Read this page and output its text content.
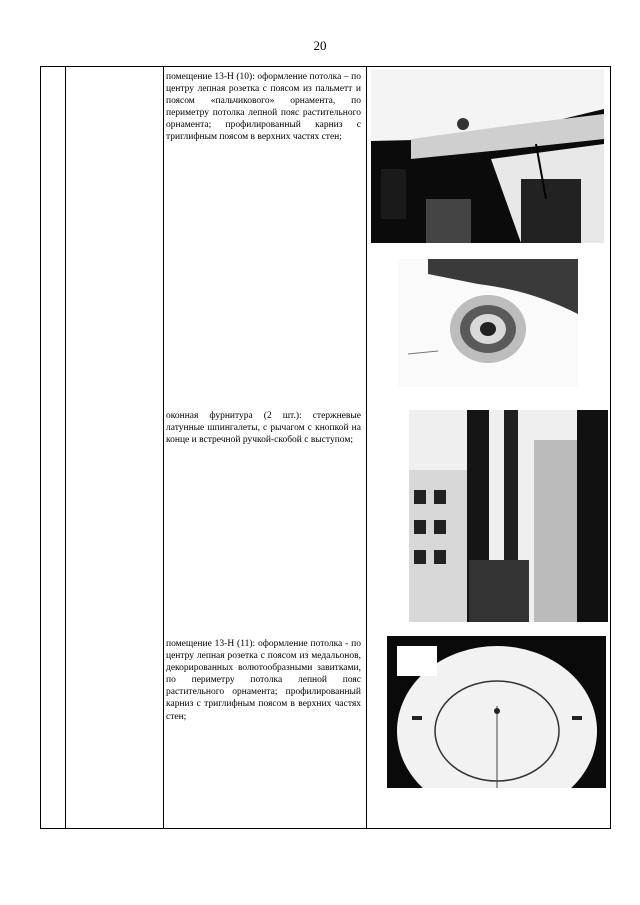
20
помещение 13-Н (10): оформление потолка – по центру лепная розетка с поясом из пальметт и поясом «пальчикового» орнамента, по периметру потолка лепной пояс растительного орнамента; профилированный карниз с триглифным поясом в верхних частях стен;
оконная фурнитура (2 шт.): стержневые латунные шпингалеты, с рычагом с кнопкой на конце и встречной ручкой-скобой с выступом;
помещение 13-Н (11): оформление потолка - по центру лепная розетка с поясом из медальонов, декорированных волютообразными завитками, по периметру потолка лепной пояс растительного орнамента; профилированный карниз с триглифным поясом в верхних частях стен;
